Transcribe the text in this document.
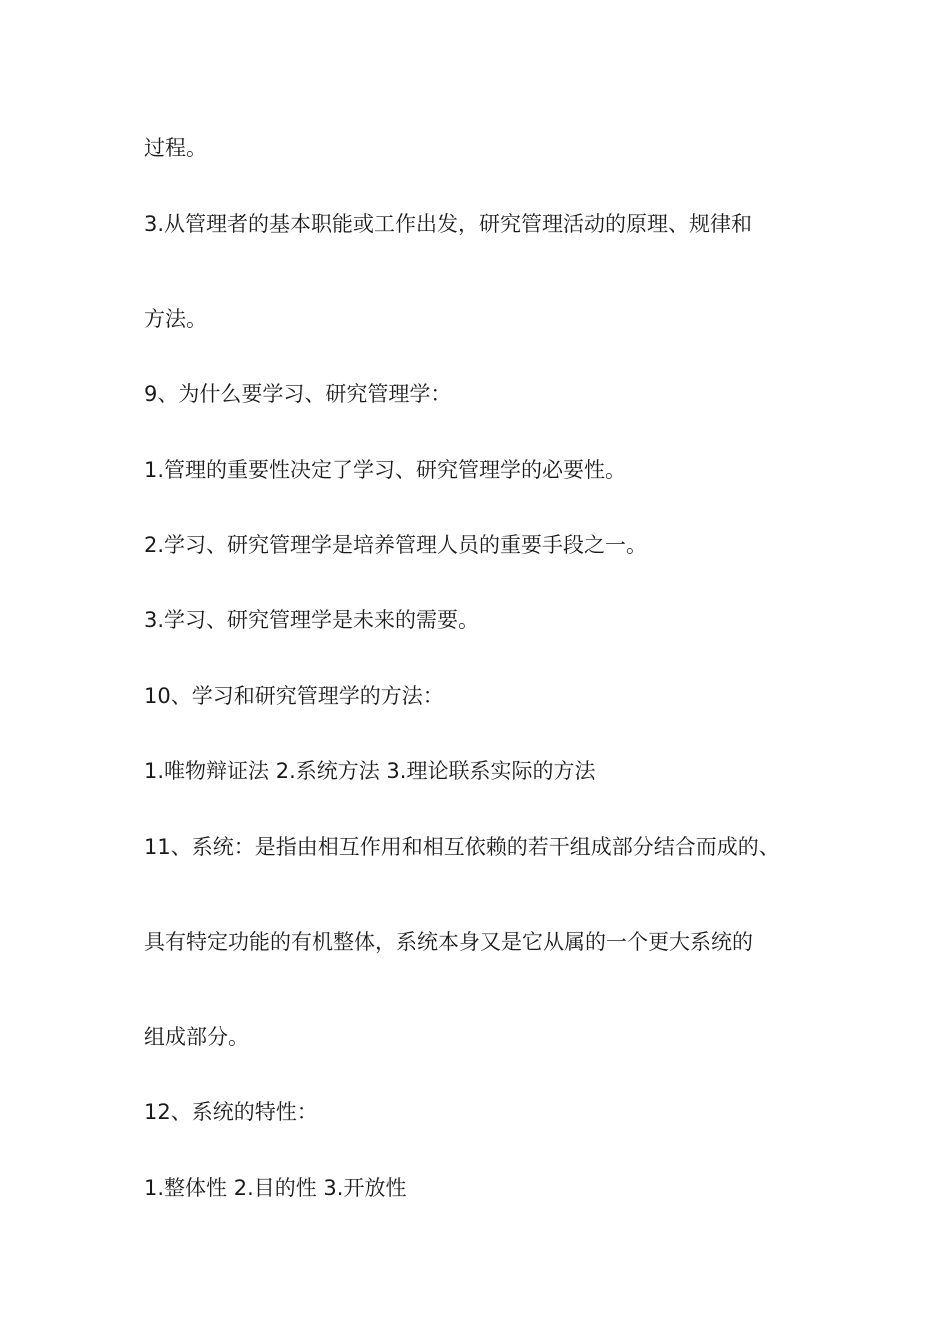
过程。
3.从管理者的基本职能或工作出发，研究管理活动的原理、规律和
方法。
9、为什么要学习、研究管理学：
1.管理的重要性决定了学习、研究管理学的必要性。
2.学习、研究管理学是培养管理人员的重要手段之一。
3.学习、研究管理学是未来的需要。
10、学习和研究管理学的方法：
1.唯物辩证法 2.系统方法 3.理论联系实际的方法
11、系统：是指由相互作用和相互依赖的若干组成部分结合而成的、
具有特定功能的有机整体，系统本身又是它从属的一个更大系统的
组成部分。
12、系统的特性：
1.整体性 2.目的性 3.开放性
